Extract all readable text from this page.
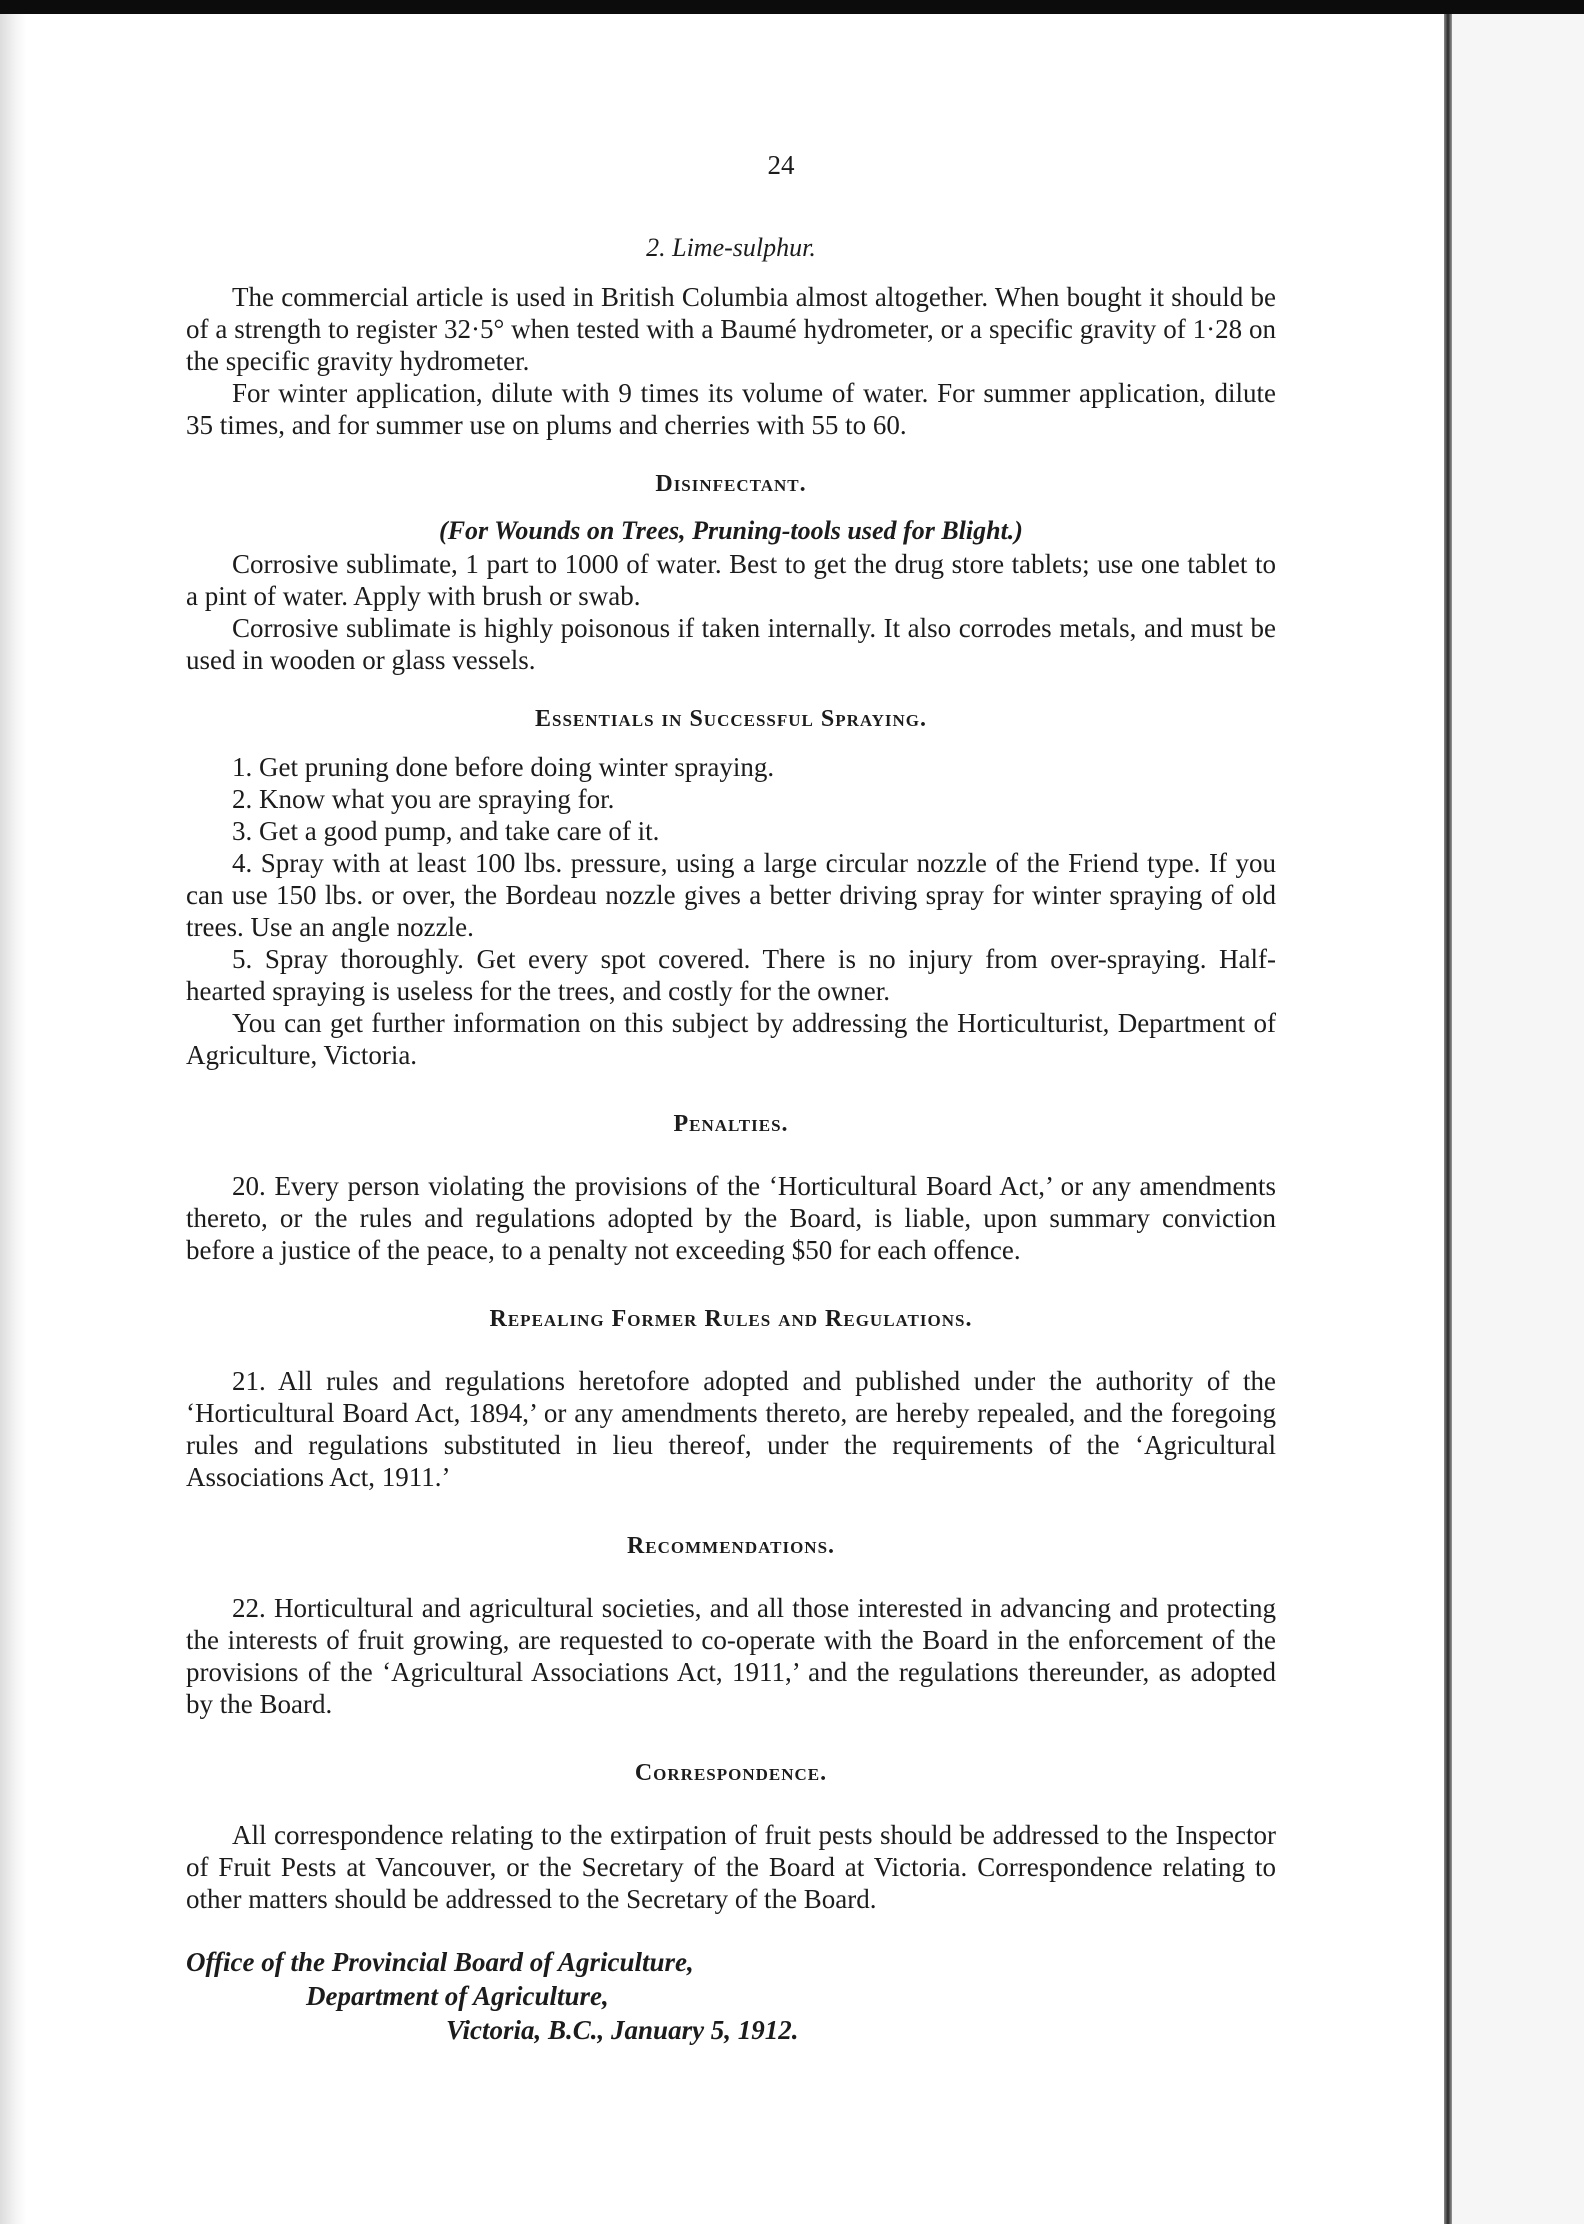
24
2. Lime-sulphur.

The commercial article is used in British Columbia almost altogether. When bought it should be of a strength to register 32·5° when tested with a Baumé hydrometer, or a specific gravity of 1·28 on the specific gravity hydrometer.

For winter application, dilute with 9 times its volume of water. For summer application, dilute 35 times, and for summer use on plums and cherries with 55 to 60.

Disinfectant.
(For Wounds on Trees, Pruning-tools used for Blight.)

Corrosive sublimate, 1 part to 1000 of water. Best to get the drug store tablets; use one tablet to a pint of water. Apply with brush or swab.

Corrosive sublimate is highly poisonous if taken internally. It also corrodes metals, and must be used in wooden or glass vessels.

Essentials in Successful Spraying.

1. Get pruning done before doing winter spraying.

2. Know what you are spraying for.

3. Get a good pump, and take care of it.

4. Spray with at least 100 lbs. pressure, using a large circular nozzle of the Friend type. If you can use 150 lbs. or over, the Bordeau nozzle gives a better driving spray for winter spraying of old trees. Use an angle nozzle.

5. Spray thoroughly. Get every spot covered. There is no injury from over-spraying. Half-hearted spraying is useless for the trees, and costly for the owner.

You can get further information on this subject by addressing the Horticulturist, Department of Agriculture, Victoria.

Penalties.

20. Every person violating the provisions of the ‘Horticultural Board Act,’ or any amendments thereto, or the rules and regulations adopted by the Board, is liable, upon summary conviction before a justice of the peace, to a penalty not exceeding $50 for each offence.

Repealing Former Rules and Regulations.

21. All rules and regulations heretofore adopted and published under the authority of the ‘Horticultural Board Act, 1894,’ or any amendments thereto, are hereby repealed, and the foregoing rules and regulations substituted in lieu thereof, under the requirements of the ‘Agricultural Associations Act, 1911.’

Recommendations.

22. Horticultural and agricultural societies, and all those interested in advancing and protecting the interests of fruit growing, are requested to co-operate with the Board in the enforcement of the provisions of the ‘Agricultural Associations Act, 1911,’ and the regulations thereunder, as adopted by the Board.

Correspondence.

All correspondence relating to the extirpation of fruit pests should be addressed to the Inspector of Fruit Pests at Vancouver, or the Secretary of the Board at Victoria. Correspondence relating to other matters should be addressed to the Secretary of the Board.

Office of the Provincial Board of Agriculture,
Department of Agriculture,
Victoria, B.C., January 5, 1912.
